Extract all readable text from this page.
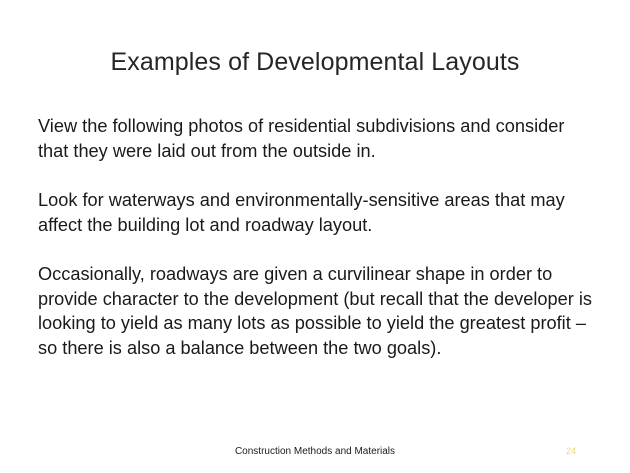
Examples of Developmental Layouts

View the following photos of residential subdivisions and consider that they were laid out from the outside in.

Look for waterways and environmentally-sensitive areas that may affect the building lot and roadway layout.

Occasionally, roadways are given a curvilinear shape in order to provide character to the development (but recall that the developer is looking to yield as many lots as possible to yield the greatest profit – so there is also a balance between the two goals).

Construction Methods and Materials	24
